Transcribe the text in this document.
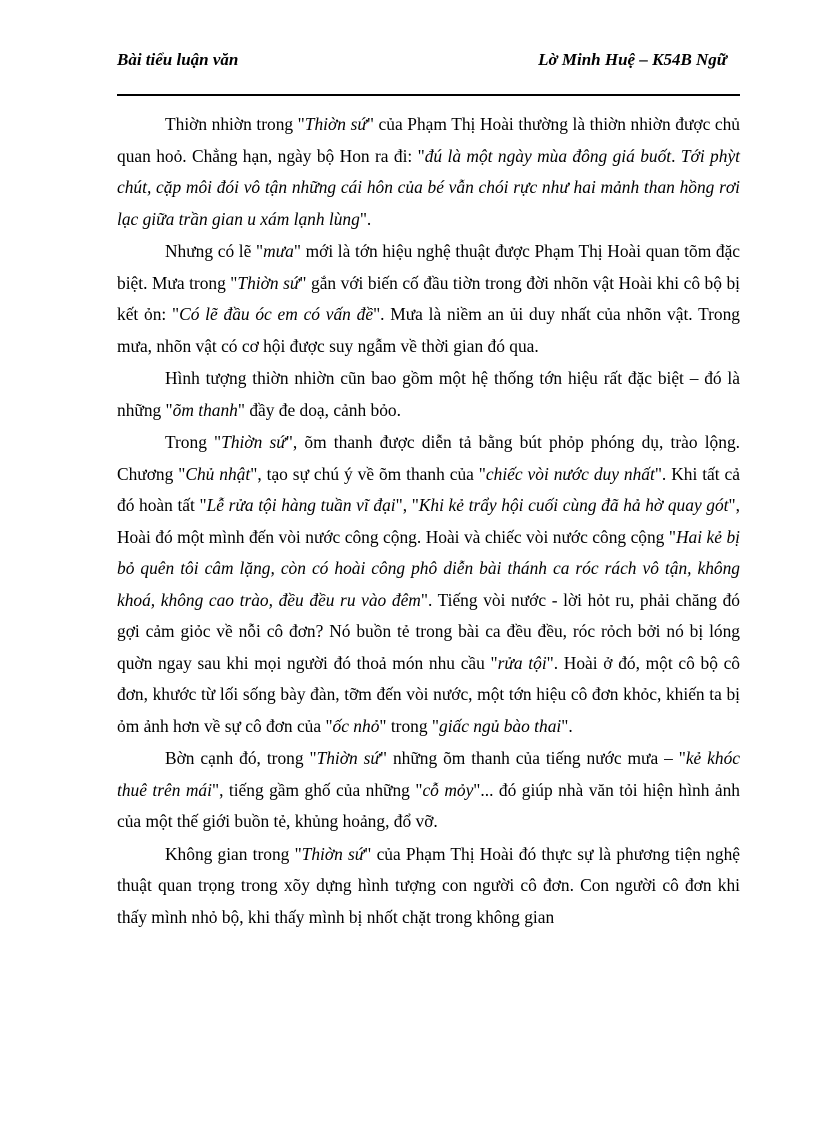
Bài tiểu luận văn	Lờ Minh Huệ – K54B Ngữ

Thiờn nhiờn trong "Thiờn sứ" của Phạm Thị Hoài thường là thiờn nhiờn được chủ quan hoỏ. Chẳng hạn, ngày bộ Hon ra đi: "đú là một ngày mùa đông giá buốt. Tới phỳt chút, cặp môi đói vô tận những cái hôn của bé vẫn chói rực như hai mảnh than hồng rơi lạc giữa trần gian u xám lạnh lùng".

Nhưng có lẽ "mưa" mới là tớn hiệu nghệ thuật được Phạm Thị Hoài quan tõm đặc biệt. Mưa trong "Thiờn sứ" gắn với biến cố đầu tiờn trong đời nhõn vật Hoài khi cô bộ bị kết ỏn: "Có lẽ đầu óc em có vấn đề". Mưa là niềm an ủi duy nhất của nhõn vật. Trong mưa, nhõn vật có cơ hội được suy ngẫm về thời gian đó qua.

Hình tượng thiờn nhiờn cũn bao gồm một hệ thống tớn hiệu rất đặc biệt – đó là những "õm thanh" đầy đe doạ, cảnh bỏo.

Trong "Thiờn sứ", õm thanh được diễn tả bằng bút phỏp phóng dụ, trào lộng. Chương "Chủ nhật", tạo sự chú ý về õm thanh của "chiếc vòi nước duy nhất". Khi tất cả đó hoàn tất "Lễ rửa tội hàng tuần vĩ đại", "Khi kẻ trẩy hội cuối cùng đã hả hờ quay gót", Hoài đó một mình đến vòi nước công cộng. Hoài và chiếc vòi nước công cộng "Hai kẻ bị bỏ quên tôi câm lặng, còn có hoài công phô diễn bài thánh ca róc rách vô tận, không khoá, không cao trào, đều đều ru vào đêm". Tiếng vòi nước - lời hỏt ru, phải chăng đó gợi cảm giỏc về nỗi cô đơn? Nó buồn tẻ trong bài ca đều đều, róc rỏch bởi nó bị lóng quờn ngay sau khi mọi người đó thoả món nhu cầu "rửa tội". Hoài ở đó, một cô bộ cô đơn, khước từ lối sống bày đàn, tỡm đến vòi nước, một tớn hiệu cô đơn khỏc, khiến ta bị ỏm ảnh hơn về sự cô đơn của "ốc nhỏ" trong "giấc ngủ bào thai".

Bờn cạnh đó, trong "Thiờn sứ" những õm thanh của tiếng nước mưa – "kẻ khóc thuê trên mái", tiếng gầm ghố của những "cỗ mỏy"... đó giúp nhà văn tỏi hiện hình ảnh của một thế giới buồn tẻ, khủng hoảng, đổ vỡ.

Không gian trong "Thiờn sứ" của Phạm Thị Hoài đó thực sự là phương tiện nghệ thuật quan trọng trong xõy dựng hình tượng con người cô đơn. Con người cô đơn khi thấy mình nhỏ bộ, khi thấy mình bị nhốt chặt trong không gian
